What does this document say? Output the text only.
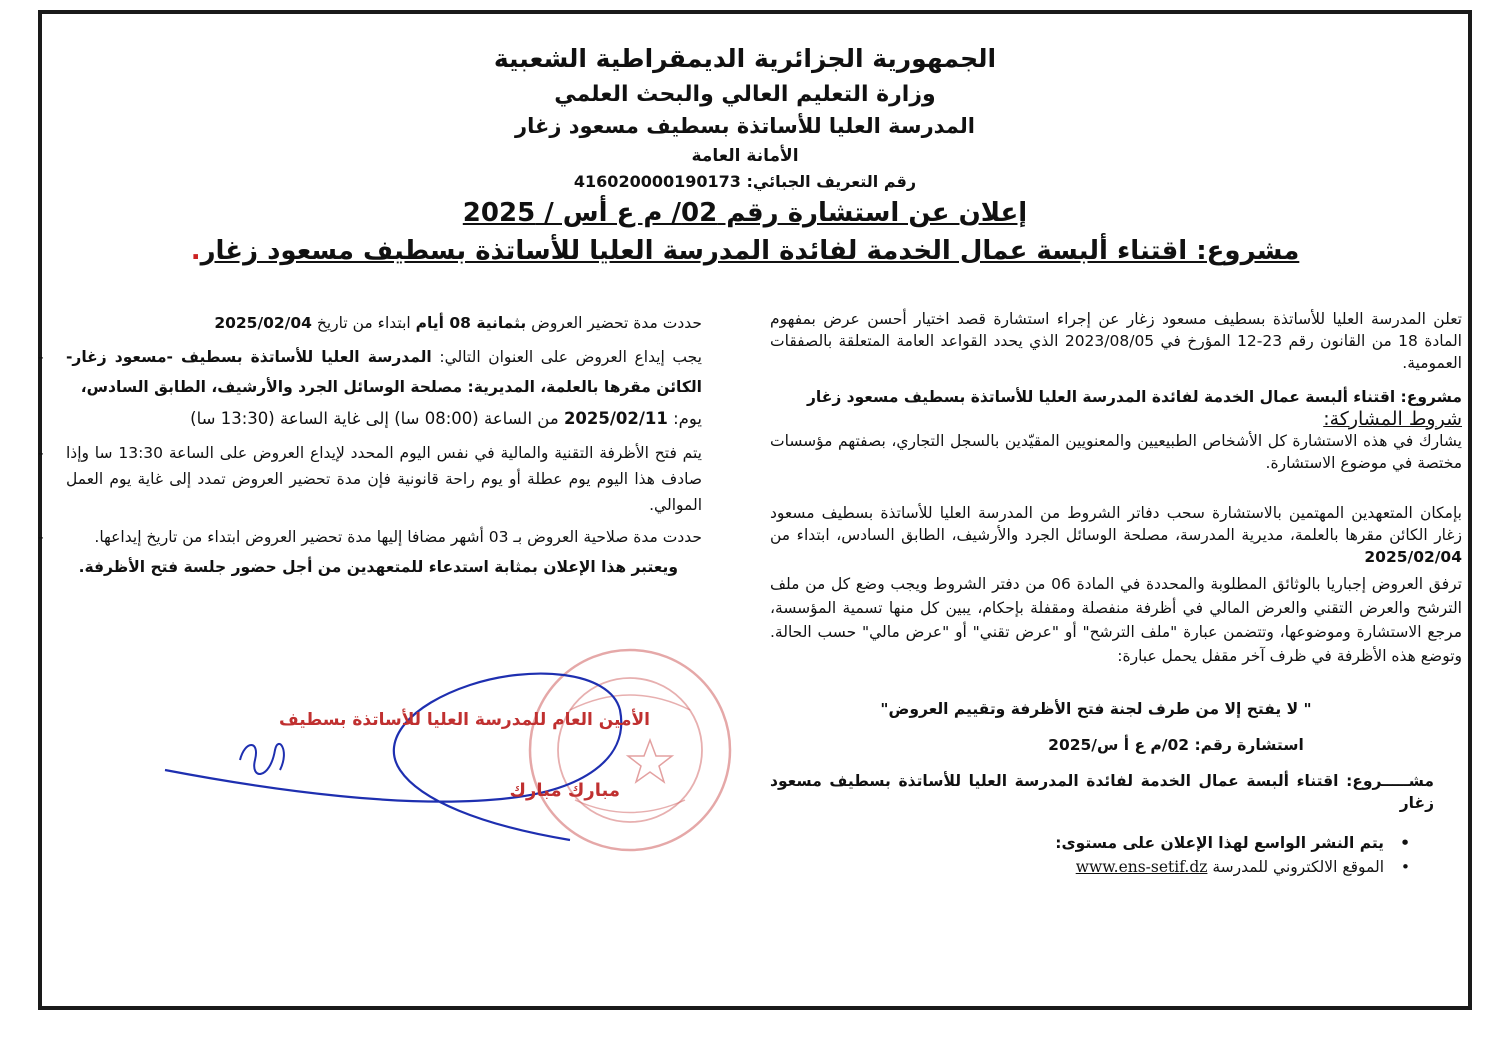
الجمهورية الجزائرية الديمقراطية الشعبية
وزارة التعليم العالي والبحث العلمي
المدرسة العليا للأساتذة بسطيف مسعود زغار
الأمانة العامة
رقم التعريف الجبائي: 416020000190173
إعلان عن استشارة رقم 02/ م ع أس / 2025
مشروع: اقتناء ألبسة عمال الخدمة لفائدة المدرسة العليا للأساتذة بسطيف مسعود زغار.

تعلن المدرسة العليا للأساتذة بسطيف مسعود زغار عن إجراء استشارة قصد اختيار أحسن عرض بمفهوم المادة 18 من القانون رقم 23-12 المؤرخ في 2023/08/05 الذي يحدد القواعد العامة المتعلقة بالصفقات العمومية.

مشروع: اقتناء ألبسة عمال الخدمة لفائدة المدرسة العليا للأساتذة بسطيف مسعود زغار

شروط المشاركة:

يشارك في هذه الاستشارة كل الأشخاص الطبيعيين والمعنويين المقيّدين بالسجل التجاري، بصفتهم مؤسسات مختصة في موضوع الاستشارة.

بإمكان المتعهدين المهتمين بالاستشارة سحب دفاتر الشروط من المدرسة العليا للأساتذة بسطيف مسعود زغار الكائن مقرها بالعلمة، مديرية المدرسة، مصلحة الوسائل الجرد والأرشيف، الطابق السادس، ابتداء من 2025/02/04

ترفق العروض إجباريا بالوثائق المطلوبة والمحددة في المادة 06 من دفتر الشروط ويجب وضع كل من ملف الترشح والعرض التقني والعرض المالي في أظرفة منفصلة ومقفلة بإحكام، يبين كل منها تسمية المؤسسة، مرجع الاستشارة وموضوعها، وتتضمن عبارة "ملف الترشح" أو "عرض تقني" أو "عرض مالي" حسب الحالة. وتوضع هذه الأظرفة في ظرف آخر مقفل يحمل عبارة:

" لا يفتح إلا من طرف لجنة فتح الأظرفة وتقييم العروض"

استشارة رقم: 02/م ع أ س/2025

مشـــــروع: اقتناء ألبسة عمال الخدمة لفائدة المدرسة العليا للأساتذة بسطيف مسعود زغار

•
يتم النشر الواسع لهذا الإعلان على مستوى:

•
الموقع الالكتروني للمدرسة www.ens-setif.dz

حددت مدة تحضير العروض بثمانية 08 أيام ابتداء من تاريخ 2025/02/04

-	يجب إيداع العروض على العنوان التالي: المدرسة العليا للأساتذة بسطيف -مسعود زغار- الكائن مقرها بالعلمة، المديرية: مصلحة الوسائل الجرد والأرشيف، الطابق السادس،

يوم: 2025/02/11 من الساعة (08:00 سا) إلى غاية الساعة (13:30 سا)

- يتم فتح الأظرفة التقنية والمالية في نفس اليوم المحدد لإيداع العروض على الساعة 13:30 سا وإذا صادف هذا اليوم يوم عطلة أو يوم راحة قانونية فإن مدة تحضير العروض تمدد إلى غاية يوم العمل الموالي.

-	حددت مدة صلاحية العروض بـ 03 أشهر مضافا إليها مدة تحضير العروض ابتداء من تاريخ إيداعها.

ويعتبر هذا الإعلان بمثابة استدعاء للمتعهدين من أجل حضور جلسة فتح الأظرفة.

الأمين العام للمدرسة العليا للأساتذة بسطيف
مبارك مبارك
